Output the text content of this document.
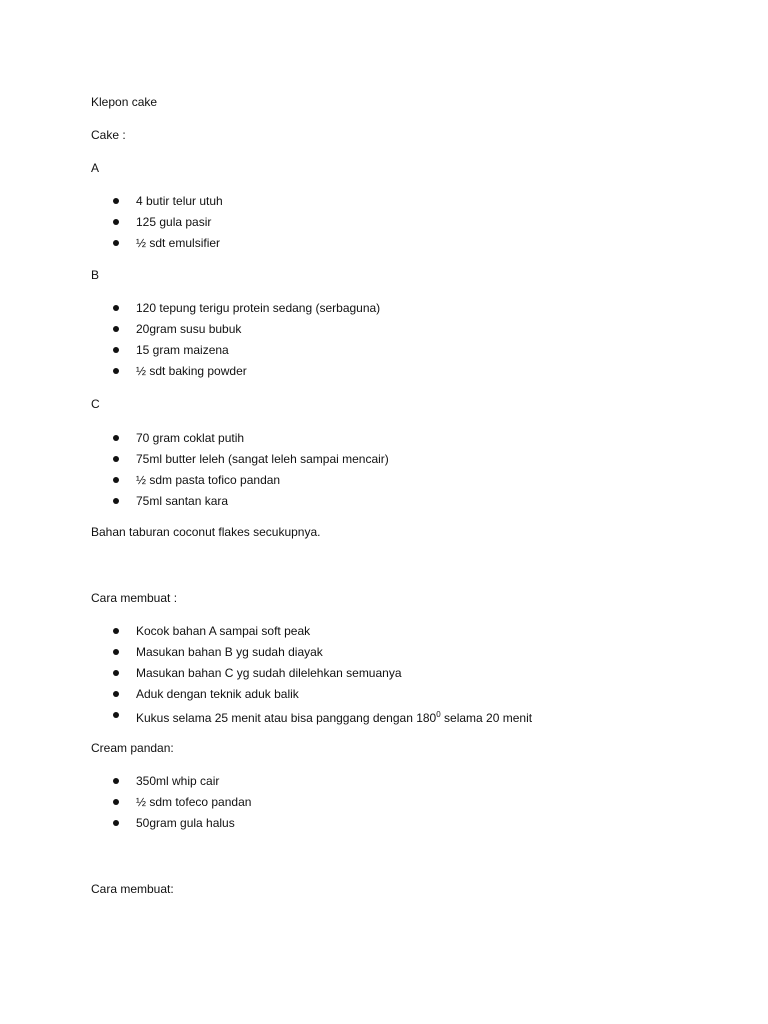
Klepon cake

Cake :

A

4 butir telur utuh
125 gula pasir
½ sdt emulsifier

B

120 tepung terigu protein sedang (serbaguna)
20gram susu bubuk
15 gram maizena
½ sdt baking powder

C

70 gram coklat putih
75ml butter leleh (sangat leleh sampai mencair)
½ sdm pasta tofico pandan
75ml santan kara

Bahan taburan coconut flakes secukupnya.

Cara membuat :

Kocok bahan A sampai soft peak
Masukan bahan B yg sudah diayak
Masukan bahan C yg sudah dilelehkan semuanya
Aduk dengan teknik aduk balik
Kukus selama 25 menit atau bisa panggang dengan $180^0$ selama 20 menit

Cream pandan:

350ml whip cair
½ sdm tofeco pandan
50gram gula halus

Cara membuat:
